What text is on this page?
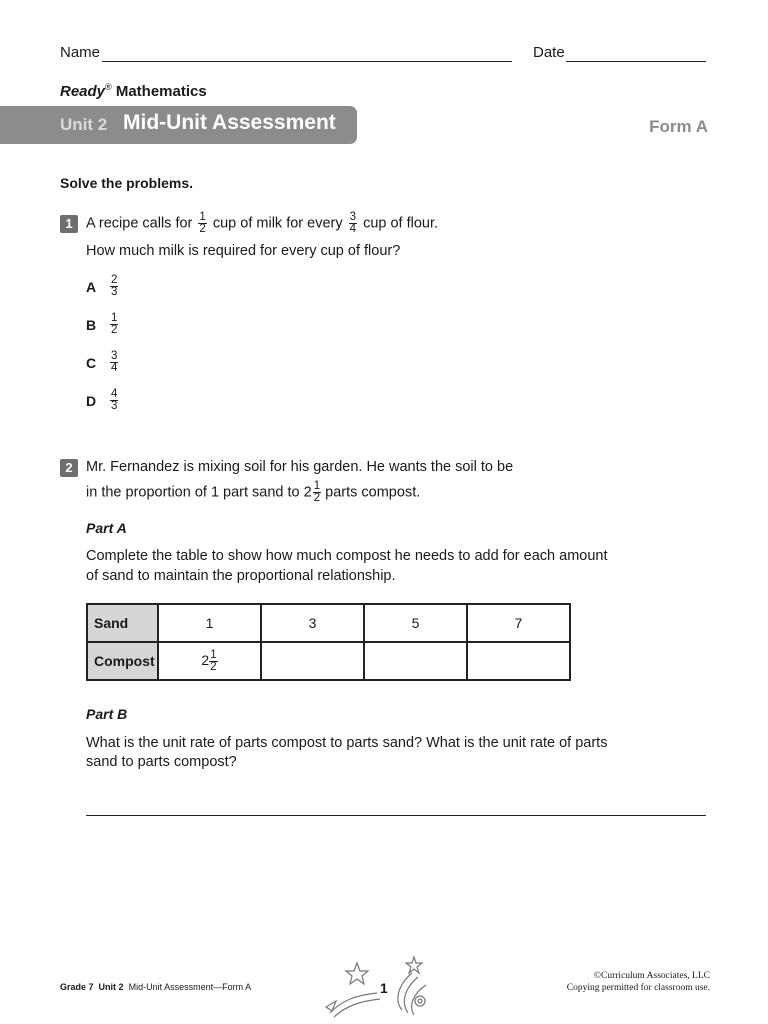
Name	Date
Ready® Mathematics
Unit 2 Mid-Unit Assessment	Form A
Solve the problems.
1 A recipe calls for $\frac{1}{2}$ cup of milk for every $\frac{3}{4}$ cup of flour.
How much milk is required for every cup of flour?
A $\frac{2}{3}$
B $\frac{1}{2}$
C $\frac{3}{4}$
D $\frac{4}{3}$
2 Mr. Fernandez is mixing soil for his garden. He wants the soil to be
in the proportion of 1 part sand to $2 \frac{1}{2}$ parts compost.
Part A
Complete the table to show how much compost he needs to add for each amount
of sand to maintain the proportional relationship.
Sand	1	3	5	7
Compost	$2 \frac{1}{2}$

Part B
What is the unit rate of parts compost to parts sand? What is the unit rate of parts
sand to parts compost?
Grade 7 Unit 2 Mid-Unit Assessment—Form A	1
©Curriculum Associates, LLC
Copying permitted for classroom use.
